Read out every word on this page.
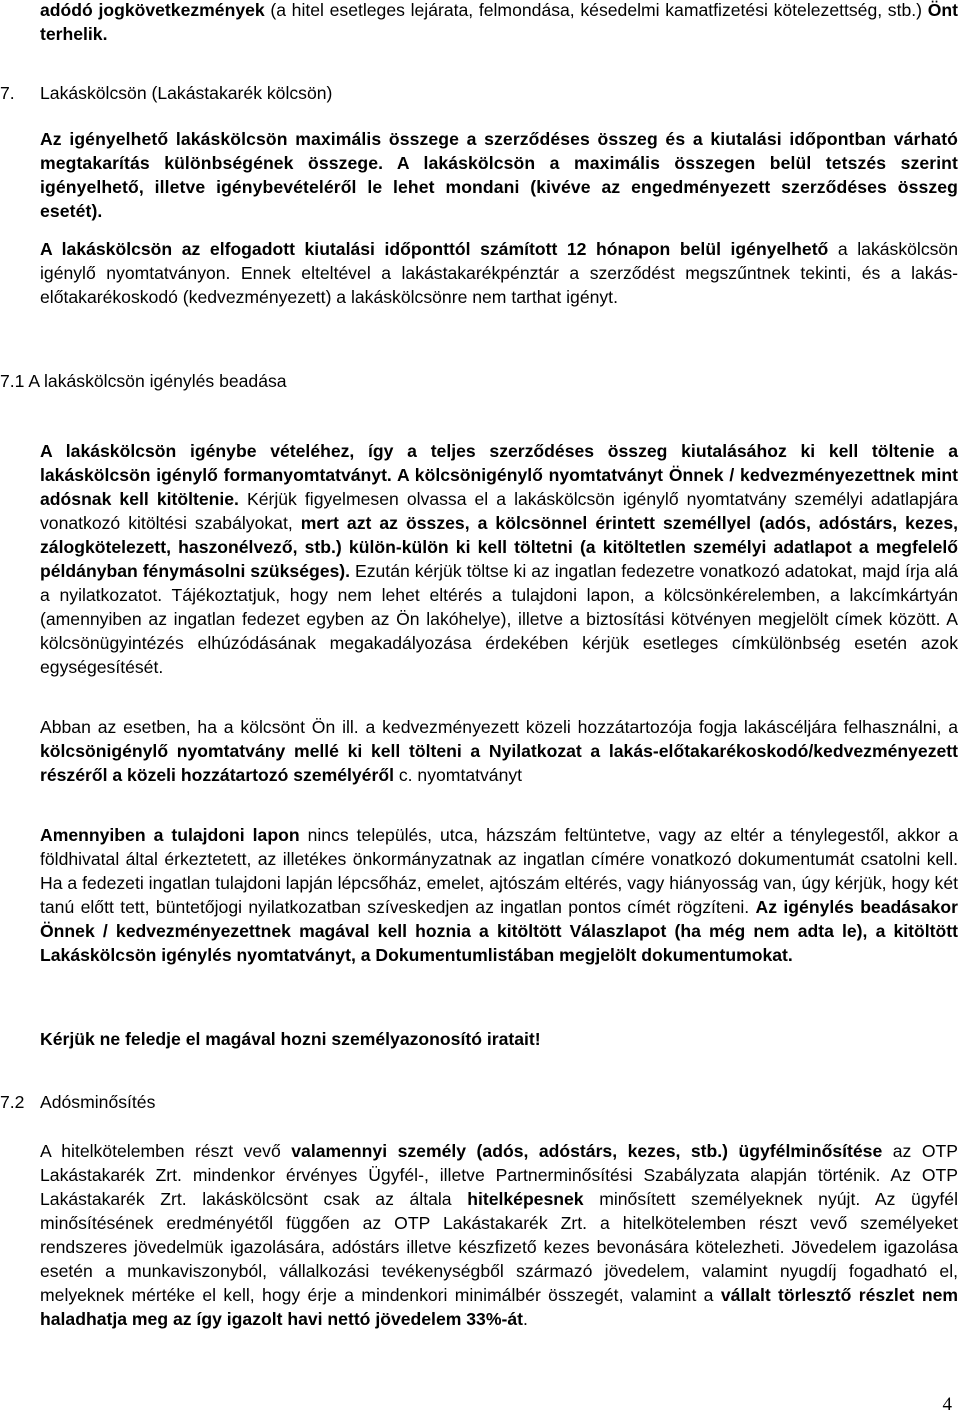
adódó jogkövetkezmények (a hitel esetleges lejárata, felmondása, késedelmi kamatfizetési kötelezettség, stb.) Önt terhelik.
7. Lakáskölcsön (Lakástakarék kölcsön)
Az igényelhető lakáskölcsön maximális összege a szerződéses összeg és a kiutalási időpontban várható megtakarítás különbségének összege. A lakáskölcsön a maximális összegen belül tetszés szerint igényelhető, illetve igénybevételéről le lehet mondani (kivéve az engedményezett szerződéses összeg esetét).
A lakáskölcsön az elfogadott kiutalási időponttól számított 12 hónapon belül igényelhető a lakáskölcsön igénylő nyomtatványon. Ennek elteltével a lakástakarékpénztár a szerződést megszűntnek tekinti, és a lakás-előtakarékoskodó (kedvezményezett) a lakáskölcsönre nem tarthat igényt.
7.1 A lakáskölcsön igénylés beadása
A lakáskölcsön igénybe vételéhez, így a teljes szerződéses összeg kiutalásához ki kell töltenie a lakáskölcsön igénylő formanyomtatványt. A kölcsönigénylő nyomtatványt Önnek / kedvezményezettnek mint adósnak kell kitöltenie. Kérjük figyelmesen olvassa el a lakáskölcsön igénylő nyomtatvány személyi adatlapjára vonatkozó kitöltési szabályokat, mert azt az összes, a kölcsönnel érintett személlyel (adós, adóstárs, kezes, zálogkötelezett, haszonélvező, stb.) külön-külön ki kell töltetni (a kitöltetlen személyi adatlapot a megfelelő példányban fénymásolni szükséges). Ezután kérjük töltse ki az ingatlan fedezetre vonatkozó adatokat, majd írja alá a nyilatkozatot. Tájékoztatjuk, hogy nem lehet eltérés a tulajdoni lapon, a kölcsönkérelemben, a lakcímkártyán (amennyiben az ingatlan fedezet egyben az Ön lakóhelye), illetve a biztosítási kötvényen megjelölt címek között. A kölcsönügyintézés elhúzódásának megakadályozása érdekében kérjük esetleges címkülönbség esetén azok egységesítését.
Abban az esetben, ha a kölcsönt Ön ill. a kedvezményezett közeli hozzátartozója fogja lakáscéljára felhasználni, a kölcsönigénylő nyomtatvány mellé ki kell tölteni a Nyilatkozat a lakás-előtakarékoskodó/kedvezményezett részéről a közeli hozzátartozó személyéről c. nyomtatványt
Amennyiben a tulajdoni lapon nincs település, utca, házszám feltüntetve, vagy az eltér a ténylegestől, akkor a földhivatal által érkeztetett, az illetékes önkormányzatnak az ingatlan címére vonatkozó dokumentumát csatolni kell. Ha a fedezeti ingatlan tulajdoni lapján lépcsőház, emelet, ajtószám eltérés, vagy hiányosság van, úgy kérjük, hogy két tanú előtt tett, büntetőjogi nyilatkozatban szíveskedjen az ingatlan pontos címét rögzíteni. Az igénylés beadásakor Önnek / kedvezményezettnek magával kell hoznia a kitöltött Válaszlapot (ha még nem adta le), a kitöltött Lakáskölcsön igénylés nyomtatványt, a Dokumentumlistában megjelölt dokumentumokat.
Kérjük ne feledje el magával hozni személyazonosító iratait!
7.2 Adósminősítés
A hitelkötelemben részt vevő valamennyi személy (adós, adóstárs, kezes, stb.) ügyfélminősítése az OTP Lakástakarék Zrt. mindenkor érvényes Ügyfél-, illetve Partnerminősítési Szabályzata alapján történik. Az OTP Lakástakarék Zrt. lakáskölcsönt csak az általa hitelképesnek minősített személyeknek nyújt. Az ügyfél minősítésének eredményétől függően az OTP Lakástakarék Zrt. a hitelkötelemben részt vevő személyeket rendszeres jövedelmük igazolására, adóstárs illetve készfizető kezes bevonására kötelezheti. Jövedelem igazolása esetén a munkaviszonyból, vállalkozási tevékenységből származó jövedelem, valamint nyugdíj fogadható el, melyeknek mértéke el kell, hogy érje a mindenkori minimálbér összegét, valamint a vállalt törlesztő részlet nem haladhatja meg az így igazolt havi nettó jövedelem 33%-át.
4
